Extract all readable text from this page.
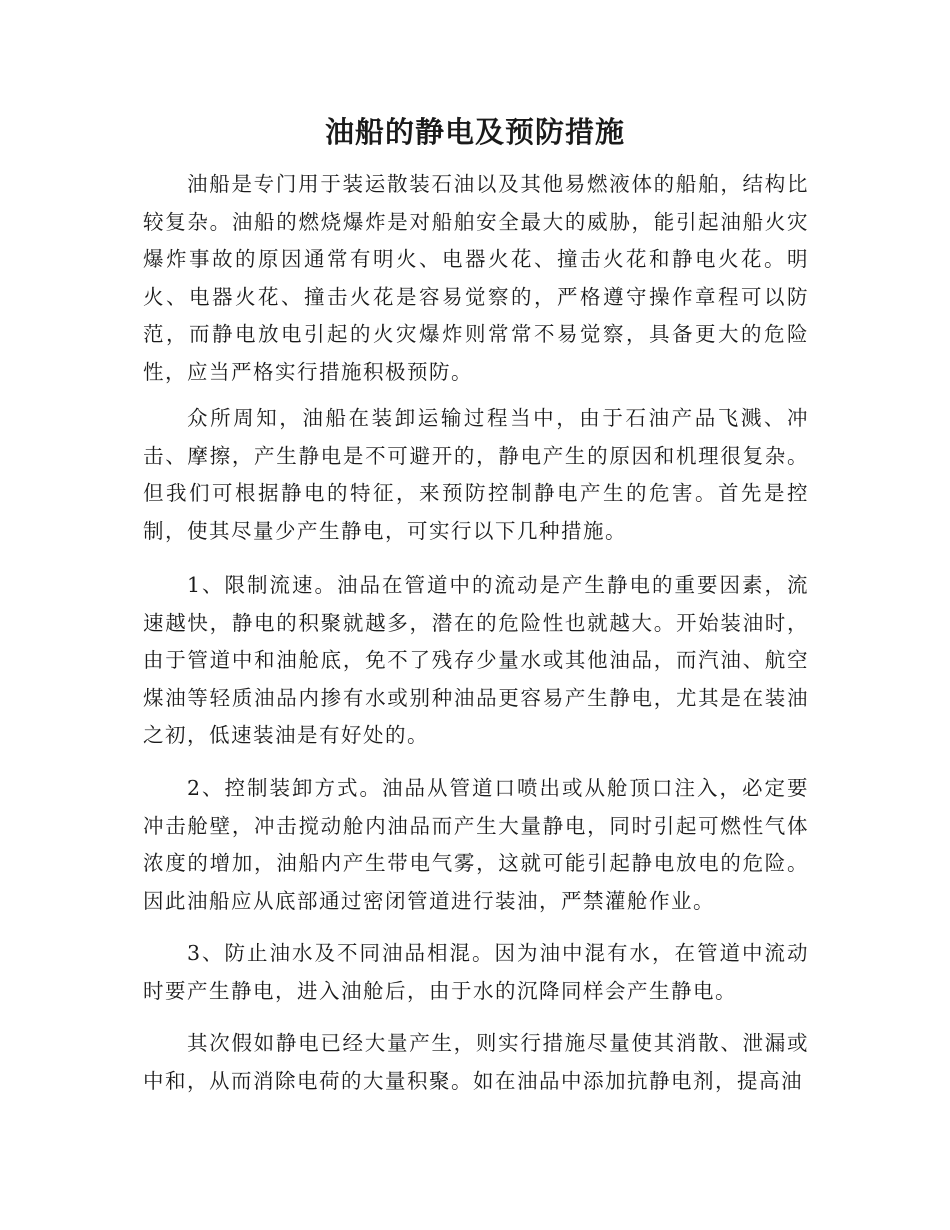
油船的静电及预防措施

油船是专门用于装运散装石油以及其他易燃液体的船舶，结构比较复杂。油船的燃烧爆炸是对船舶安全最大的威胁，能引起油船火灾爆炸事故的原因通常有明火、电器火花、撞击火花和静电火花。明火、电器火花、撞击火花是容易觉察的，严格遵守操作章程可以防范，而静电放电引起的火灾爆炸则常常不易觉察，具备更大的危险性，应当严格实行措施积极预防。

众所周知，油船在装卸运输过程当中，由于石油产品飞溅、冲击、摩擦，产生静电是不可避开的，静电产生的原因和机理很复杂。但我们可根据静电的特征，来预防控制静电产生的危害。首先是控制，使其尽量少产生静电，可实行以下几种措施。

1、限制流速。油品在管道中的流动是产生静电的重要因素，流速越快，静电的积聚就越多，潜在的危险性也就越大。开始装油时，由于管道中和油舱底，免不了残存少量水或其他油品，而汽油、航空煤油等轻质油品内掺有水或别种油品更容易产生静电，尤其是在装油之初，低速装油是有好处的。

2、控制装卸方式。油品从管道口喷出或从舱顶口注入，必定要冲击舱壁，冲击搅动舱内油品而产生大量静电，同时引起可燃性气体浓度的增加，油船内产生带电气雾，这就可能引起静电放电的危险。因此油船应从底部通过密闭管道进行装油，严禁灌舱作业。

3、防止油水及不同油品相混。因为油中混有水，在管道中流动时要产生静电，进入油舱后，由于水的沉降同样会产生静电。

其次假如静电已经大量产生，则实行措施尽量使其消散、泄漏或中和，从而消除电荷的大量积聚。如在油品中添加抗静电剂，提高油
